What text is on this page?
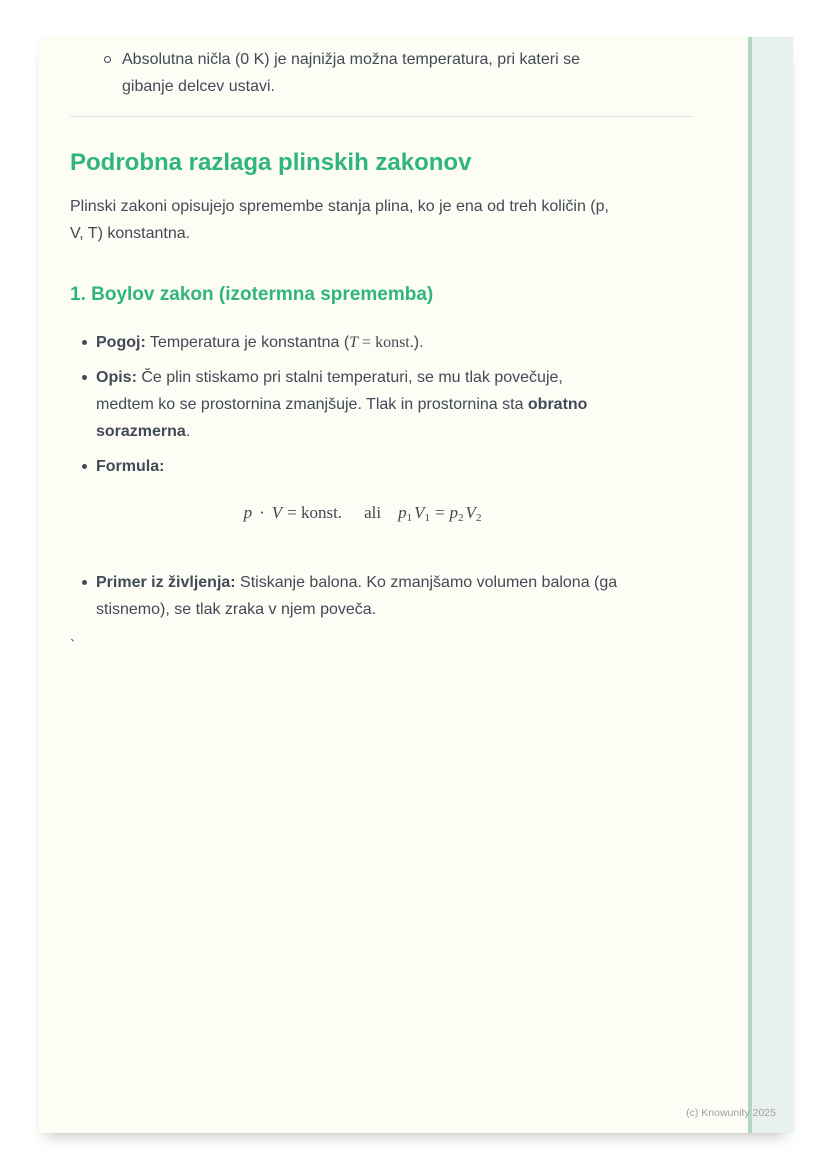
Absolutna ničla (0 K) je najnižja možna temperatura, pri kateri se
gibanje delcev ustavi.
Podrobna razlaga plinskih zakonov
Plinski zakoni opisujejo spremembe stanja plina, ko je ena od treh količin (p,
V, T) konstantna.
1. Boylov zakon (izotermna sprememba)
Pogoj: Temperatura je konstantna (T = konst.).
Opis: Če plin stiskamo pri stalni temperaturi, se mu tlak povečuje,
medtem ko se prostornina zmanjšuje. Tlak in prostornina sta obratno
sorazmerna.
Formula:
p · V = konst. ali $p_1$ $V_1 = p_2$ $V_2$
Primer iz življenja: Stiskanje balona. Ko zmanjšamo volumen balona (ga
stisnemo), se tlak zraka v njem poveča.

`

(c) Knowunity 2025
